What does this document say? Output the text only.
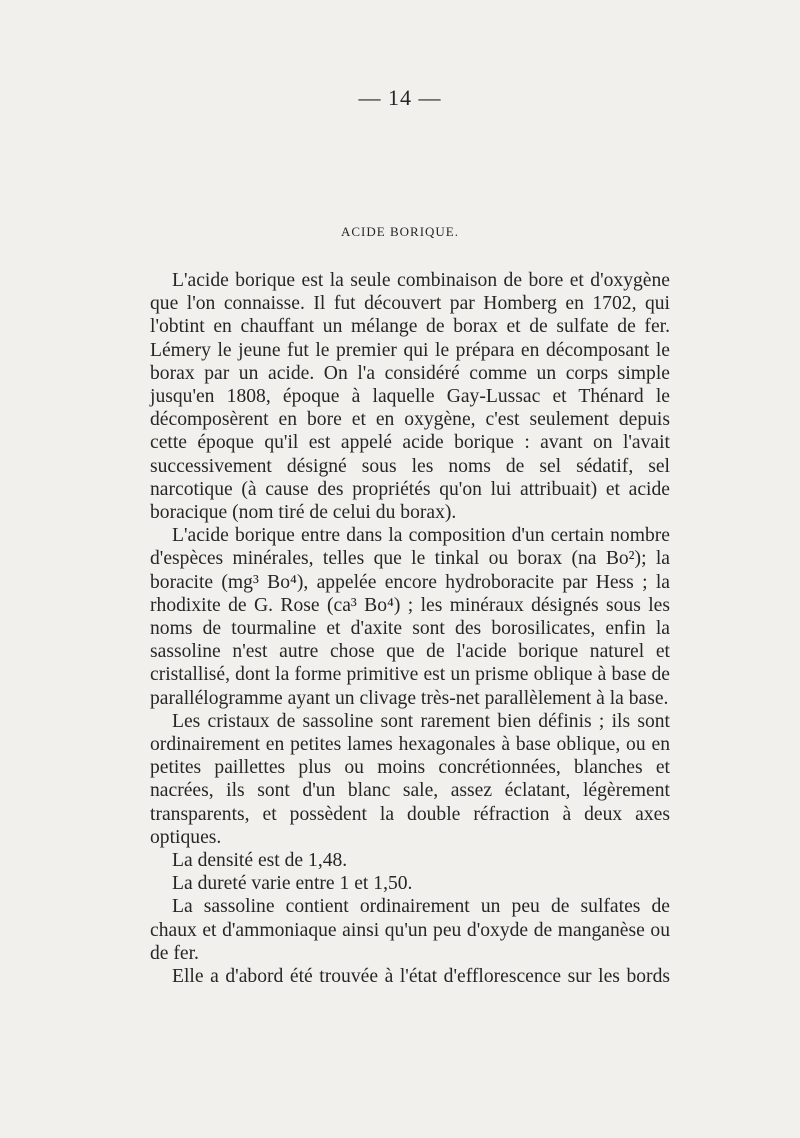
— 14 —
ACIDE BORIQUE.

L'acide borique est la seule combinaison de bore et d'oxygène que l'on connaisse. Il fut découvert par Homberg en 1702, qui l'obtint en chauffant un mélange de borax et de sulfate de fer. Lémery le jeune fut le premier qui le prépara en décomposant le borax par un acide. On l'a considéré comme un corps simple jusqu'en 1808, époque à laquelle Gay-Lussac et Thénard le décomposèrent en bore et en oxygène, c'est seulement depuis cette époque qu'il est appelé acide borique : avant on l'avait successivement désigné sous les noms de sel sédatif, sel narcotique (à cause des propriétés qu'on lui attribuait) et acide boracique (nom tiré de celui du borax).

L'acide borique entre dans la composition d'un certain nombre d'espèces minérales, telles que le tinkal ou borax (na Bo²); la boracite (mg³ Bo⁴), appelée encore hydroboracite par Hess ; la rhodixite de G. Rose (ca³ Bo⁴) ; les minéraux désignés sous les noms de tourmaline et d'axite sont des borosilicates, enfin la sassoline n'est autre chose que de l'acide borique naturel et cristallisé, dont la forme primitive est un prisme oblique à base de parallélogramme ayant un clivage très-net parallèlement à la base.

Les cristaux de sassoline sont rarement bien définis ; ils sont ordinairement en petites lames hexagonales à base oblique, ou en petites paillettes plus ou moins concrétionnées, blanches et nacrées, ils sont d'un blanc sale, assez éclatant, légèrement transparents, et possèdent la double réfraction à deux axes optiques.

La densité est de 1,48.

La dureté varie entre 1 et 1,50.

La sassoline contient ordinairement un peu de sulfates de chaux et d'ammoniaque ainsi qu'un peu d'oxyde de manganèse ou de fer.

Elle a d'abord été trouvée à l'état d'efflorescence sur les bords
